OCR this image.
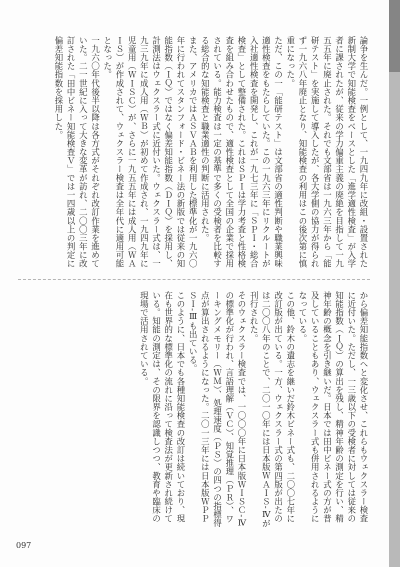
論争を生んだ。一例として、一九四九年に改組・設置された新制大学で知能検査をベースとした「進学適性検査」が入学者に課されたが、従来の学力偏重主義の廃絶を目指して一九五五年に廃止された。それでも文部省は一九六三年から「能研テスト」を実施して導入したが、各大学側の協力が得られず一九六八年廃止となり、知能検査の利用はこの後次第に慎重になった。

ただ、この一「能研テスト」は文部省の適性判断や職業興味適性検査をもたらしていた。この一九六三年にリクルートが入社適性検査を開発し、これが一九七三年に「ＳＰＩ・総合検査」として整備された。これはＳＰＩは学力考査と性格検査を組み合わせたもので、適性検査として全国の企業で採用されている。能力検査は一定の基準で多くの受検者を比較する総合的な知能検査と職業適性の判断に活用された。

また、アメリカではＡＳＶＡＢを利用した標準化が一九六〇年に行われてスタンフォード・ビネー法の新版では従来の知能指数（ＩＱ）ではなく偏差知能指数（ＤＩＱ）を採用し、計測法はウェクスラー式に近付いた。ウェクスラー式は、一九三九年に成人用（ＷＢ）が初めて作成され、一九四九年に児童用（ＷＩＳＣ）が、さらに一九五五年には成人用（ＷＡＩＳ）が作成されて、ウェクスラー検査は全年代に適用可能となった。

一九六〇年代後半以降は各方式がそれぞれ改訂作業を進めていた。二一世紀に入って大きな変革が訪れ、二〇〇三年に改訂された「田中ビネー知能検査Ｖ」では一四歳以上の判定に偏差知能指数を採用した。

から偏差知能指数へと変化させ、これらもウェクスラー検査に近付いた。ただし、一三歳以下の受検者に対しては従来の知能指数（ＩＱ）の算出を残し、精神年齢の測定を行い、精神年齢の概念を引き継いだ。日本では田中ビネー式の方が普及していることもあり、ウェクスラー式も併用されるようになっている。

この他、鈴木の遺志を継いだ鈴木ビネー式も、二〇〇七年に改訂版が出ている。一方、ウェクスラー式の第四版が出たのは二〇〇八年のことで、二〇一〇年には日本版ＷＡＩＳ-Ⅳが刊行された。

そのウェクスラー検査では、一〇〇〇年に日本版ＷＩＳＣ-Ⅳの標準化が行われ、言語理解（ＶＣ）、知覚推理（ＰＲ）、ワーキングメモリー（ＷＭ）、処理速度（ＰＳ）の四つの指標得点が算出されるようになった。二〇一三年には日本版ＷＰＰＳＩ-Ⅲも出ている。

このように、日本でも各種知能検査の改訂は続いており、現在も世界的な標準化の流れに沿って検査法が更新され続けている。知能の測定は、その限界を認識しつつ、教育や臨床の現場で活用されている。

097
